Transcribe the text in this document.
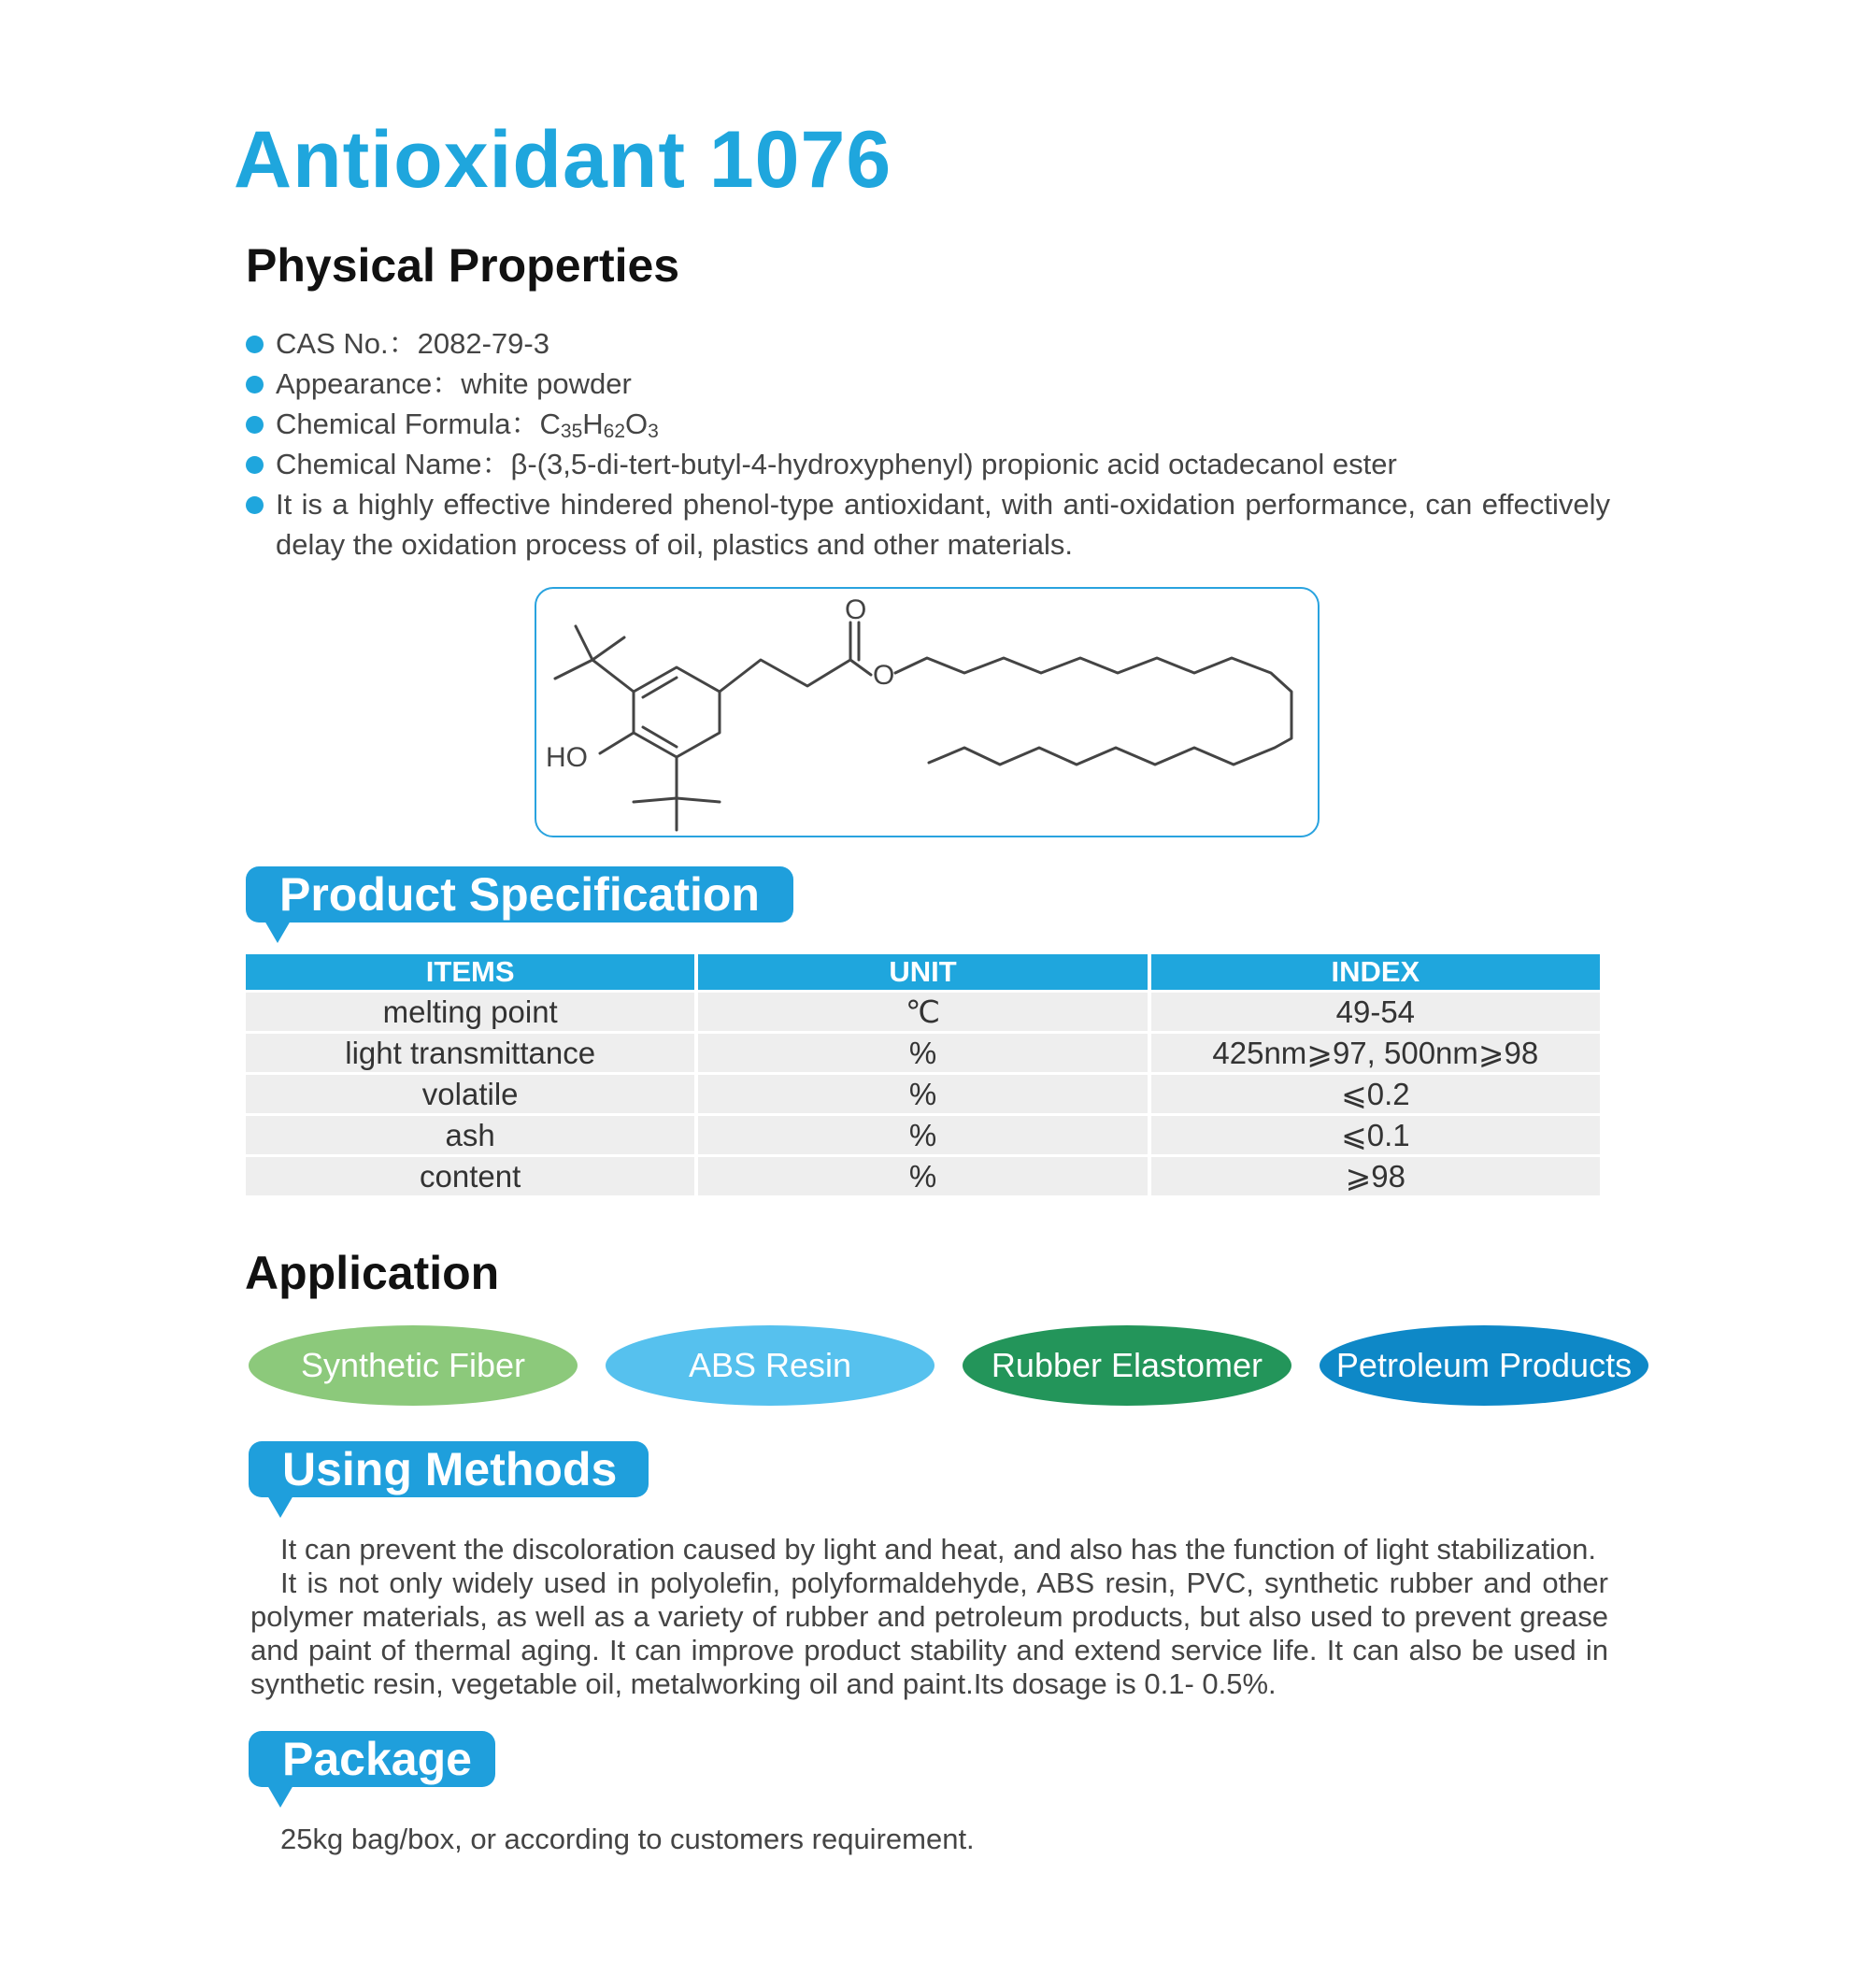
Antioxidant 1076
Physical Properties
CAS No.：2082-79-3
Appearance：white powder
Chemical Formula：$C_{35}H_{62}O_3$
Chemical Name：β-(3,5-di-tert-butyl-4-hydroxyphenyl) propionic acid octadecanol ester
It is a highly effective hindered phenol-type antioxidant, with anti-oxidation performance, can effectively delay the oxidation process of oil, plastics and other materials.
HO
O
O
Product Specification
ITEMS	UNIT	INDEX
melting point	℃	49-54
light transmittance	%	425nm⩾97, 500nm⩾98
volatile	%	⩽0.2
ash	%	⩽0.1
content	%	⩾98
Application
Synthetic Fiber	ABS Resin	Rubber Elastomer	Petroleum Products
Using Methods

It can prevent the discoloration caused by light and heat, and also has the function of light stabilization.

It is not only widely used in polyolefin, polyformaldehyde, ABS resin, PVC, synthetic rubber and other polymer materials, as well as a variety of rubber and petroleum products, but also used to prevent grease and paint of thermal aging. It can improve product stability and extend service life. It can also be used in synthetic resin, vegetable oil, metalworking oil and paint.Its dosage is 0.1- 0.5%.

Package
25kg bag/box, or according to customers requirement.
